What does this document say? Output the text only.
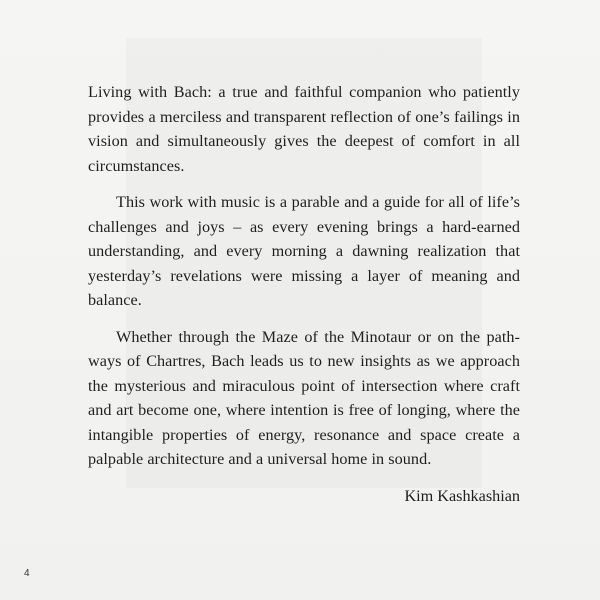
Living with Bach: a true and faithful companion who patiently provides a merciless and transparent reflection of one’s failings in vision and simultaneously gives the deepest of comfort in all circumstances.

This work with music is a parable and a guide for all of life’s challenges and joys – as every evening brings a hard-earned understanding, and every morning a dawning realization that yesterday’s revelations were missing a layer of meaning and balance.

Whether through the Maze of the Minotaur or on the path- ways of Chartres, Bach leads us to new insights as we approach the mysterious and miraculous point of intersection where craft and art become one, where intention is free of longing, where the intangible properties of energy, resonance and space create a palpable architecture and a universal home in sound.

Kim Kashkashian

4
